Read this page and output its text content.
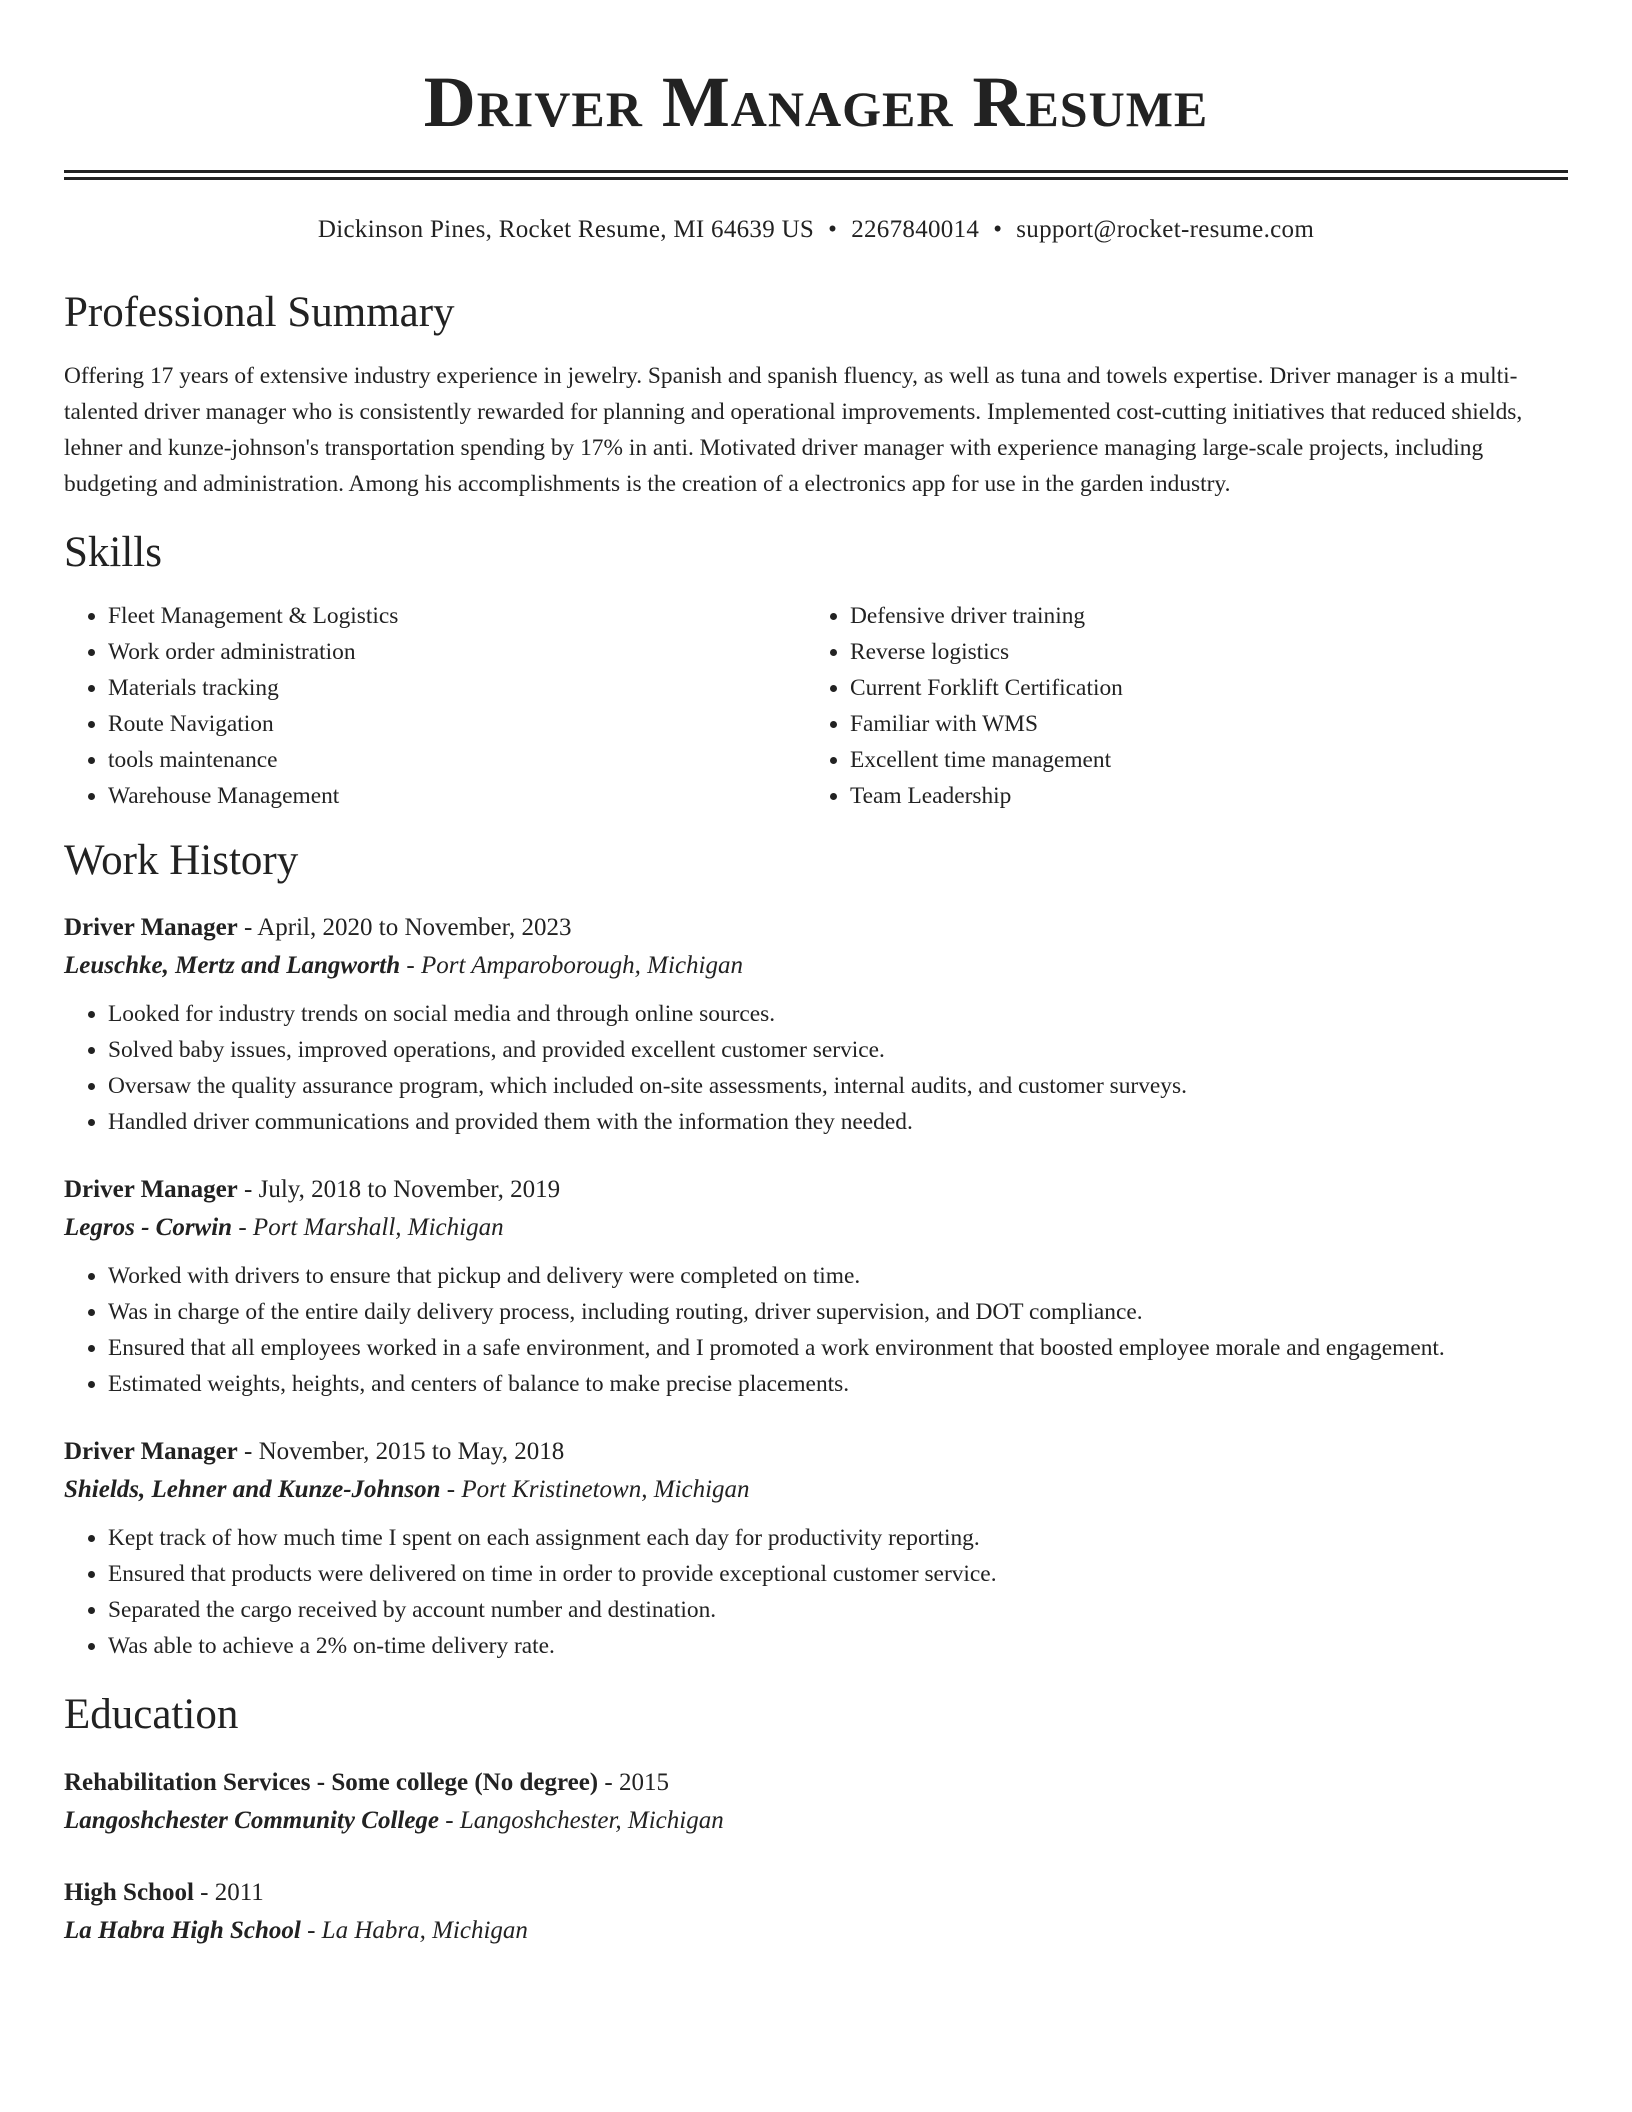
Driver Manager Resume
Dickinson Pines, Rocket Resume, MI 64639 US • 2267840014 • support@rocket-resume.com
Professional Summary
Offering 17 years of extensive industry experience in jewelry. Spanish and spanish fluency, as well as tuna and towels expertise. Driver manager is a multi-talented driver manager who is consistently rewarded for planning and operational improvements. Implemented cost-cutting initiatives that reduced shields, lehner and kunze-johnson's transportation spending by 17% in anti. Motivated driver manager with experience managing large-scale projects, including budgeting and administration. Among his accomplishments is the creation of a electronics app for use in the garden industry.
Skills
• Fleet Management & Logistics
• Work order administration
• Materials tracking
• Route Navigation
• tools maintenance
• Warehouse Management
• Defensive driver training
• Reverse logistics
• Current Forklift Certification
• Familiar with WMS
• Excellent time management
• Team Leadership
Work History
Driver Manager - April, 2020 to November, 2023
Leuschke, Mertz and Langworth - Port Amparoborough, Michigan
• Looked for industry trends on social media and through online sources.
• Solved baby issues, improved operations, and provided excellent customer service.
• Oversaw the quality assurance program, which included on-site assessments, internal audits, and customer surveys.
• Handled driver communications and provided them with the information they needed.
Driver Manager - July, 2018 to November, 2019
Legros - Corwin - Port Marshall, Michigan
• Worked with drivers to ensure that pickup and delivery were completed on time.
• Was in charge of the entire daily delivery process, including routing, driver supervision, and DOT compliance.
• Ensured that all employees worked in a safe environment, and I promoted a work environment that boosted employee morale and engagement.
• Estimated weights, heights, and centers of balance to make precise placements.
Driver Manager - November, 2015 to May, 2018
Shields, Lehner and Kunze-Johnson - Port Kristinetown, Michigan
• Kept track of how much time I spent on each assignment each day for productivity reporting.
• Ensured that products were delivered on time in order to provide exceptional customer service.
• Separated the cargo received by account number and destination.
• Was able to achieve a 2% on-time delivery rate.
Education
Rehabilitation Services - Some college (No degree) - 2015
Langoshchester Community College - Langoshchester, Michigan
High School - 2011
La Habra High School - La Habra, Michigan
